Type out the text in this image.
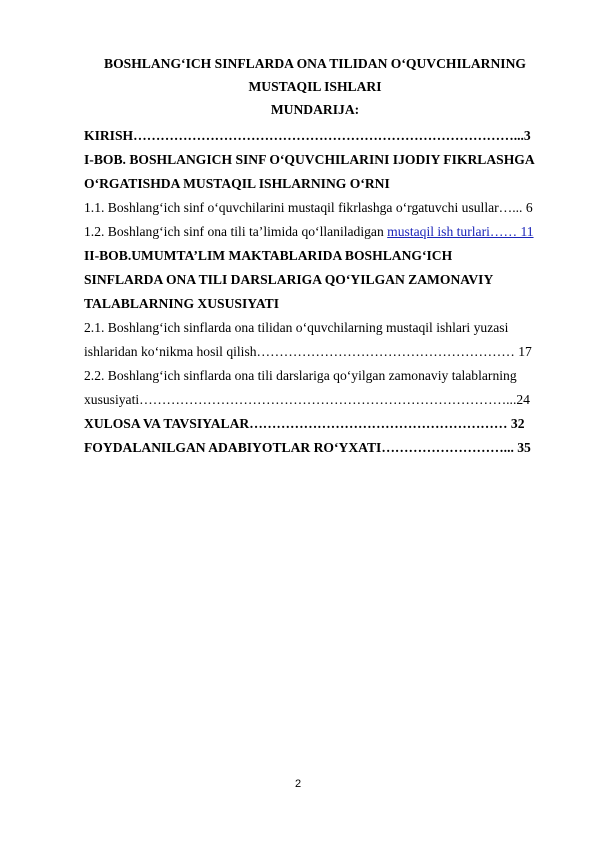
BOSHLANG‘ICH SINFLARDA ONA TILIDAN O‘QUVCHILARNING
MUSTAQIL ISHLARI
MUNDARIJA:
KIRISH…………………………………………………………………………...3
I-BOB. BOSHLANGICH SINF O‘QUVCHILARINI IJODIY FIKRLASHGA
O‘RGATISHDA MUSTAQIL ISHLARNING O‘RNI
1.1. Boshlang‘ich sinf o‘quvchilarini mustaqil fikrlashga o‘rgatuvchi usullar…... 6
1.2. Boshlang‘ich sinf ona tili ta’limida qo‘llaniladigan mustaqil ish turlari…… 11
II-BOB.UMUMTA’LIM MAKTABLARIDA BOSHLANG‘ICH
SINFLARDA ONA TILI DARSLARIGA QO‘YILGAN ZAMONAVIY
TALABLARNING XUSUSIYATI
2.1. Boshlang‘ich sinflarda ona tilidan o‘quvchilarning mustaqil ishlari yuzasi
ishlaridan ko‘nikma hosil qilish………………………………………………… 17
2.2. Boshlang‘ich sinflarda ona tili darslariga qo‘yilgan zamonaviy talablarning
xususiyati………………………………………………………………………...24
XULOSA VA TAVSIYALAR………………………………………………… 32
FOYDALANILGAN ADABIYOTLAR RO‘YXATI………………………... 35
2
